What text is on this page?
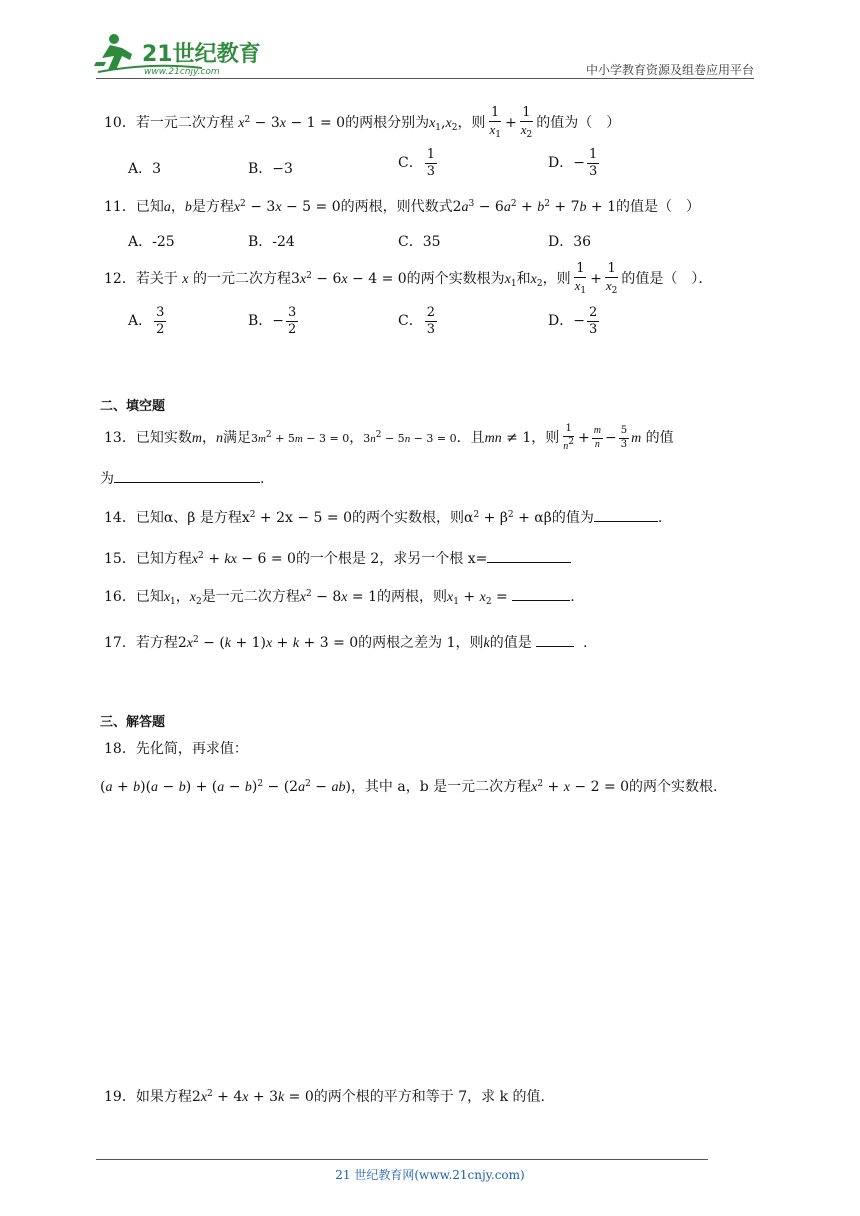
21世纪教育
www.21cnjy.com	中小学教育资源及组卷应用平台
10．若一元二次方程 $x^2 - 3x - 1 = 0$的两根分别为$x_1,x_2$，则 $\frac{1}{x_1} + \frac{1}{x_2}$ 的值为（　）
A．3	B．−3	C． $\frac{1}{3}$	D．− $\frac{1}{3}$
11．已知a，b是方程$x^2 - 3x - 5 = 0$的两根，则代数式$2a^3 - 6a^2 + b^2 + 7b + 1$的值是（　）
A．-25	B．-24	C．35	D．36
12．若关于 x 的一元二次方程$3x^2 - 6x - 4 = 0$的两个实数根为$x_1$和$x_2$，则 $\frac{1}{x_1} + \frac{1}{x_2}$ 的值是（　）．
A． $\frac{3}{2}$	B．− $\frac{3}{2}$	C． $\frac{2}{3}$	D．− $\frac{2}{3}$
二、填空题
13．已知实数m，n满足$3m^2 + 5m - 3 = 0$，$3n^2 - 5n - 3 = 0$．且mn ≠ 1，则 $\frac{1}{n^2} + \frac{m}{n} - \frac{5}{3}$ m 的值
为	.
14．已知α、β 是方程$x^2 + 2x - 5 = 0$的两个实数根，则$\alpha^2 + \beta^2 + \alpha\beta$的值为	.
15．已知方程$x^2$ + kx − 6 = 0的一个根是 2，求另一个根 x=
16．已知$x_1$，$x_2$是一元二次方程$x^2 - 8x = 1$的两根，则$x_1 + x_2$ =	.
17．若方程$2x^2 - (k + 1)x + k + 3 = 0$的两根之差为 1，则k的值是	．
三、解答题
18．先化简，再求值：
$(a + b)(a - b) + (a - b)^2 - (2a^2 - ab)$，其中 a，b 是一元二次方程$x^2 + x - 2 = 0$的两个实数根.
19．如果方程$2x^2 + 4x + 3k = 0$的两个根的平方和等于 7，求 k 的值.
21 世纪教育网(www.21cnjy.com)
